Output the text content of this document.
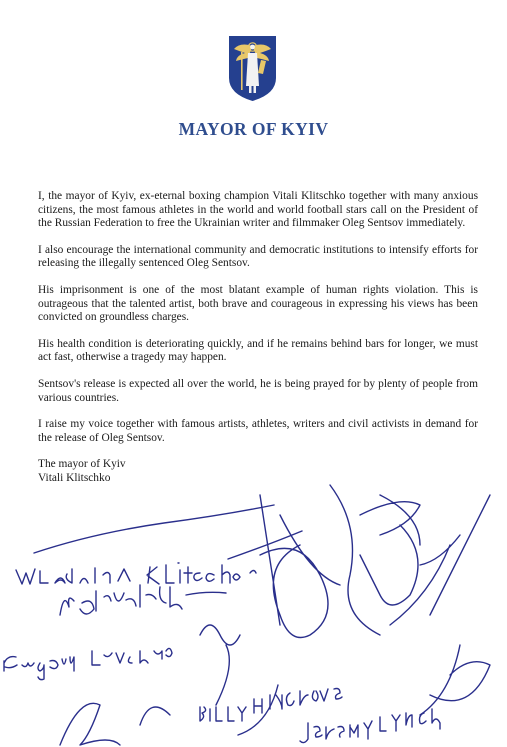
MAYOR OF KYIV

I, the mayor of Kyiv, ex-eternal boxing champion Vitali Klitschko together with many anxious citizens, the most famous athletes in the world and world football stars call on the President of the Russian Federation to free the Ukrainian writer and filmmaker Oleg Sentsov immediately.

I also encourage the international community and democratic institutions to intensify efforts for releasing the illegally sentenced Oleg Sentsov.

His imprisonment is one of the most blatant example of human rights violation. This is outrageous that the talented artist, both brave and courageous in expressing his views has been convicted on groundless charges.

His health condition is deteriorating quickly, and if he remains behind bars for longer, we must act fast, otherwise a tragedy may happen.

Sentsov's release is expected all over the world, he is being prayed for by plenty of people from various countries.

I raise my voice together with famous artists, athletes, writers and civil activists in demand for the release of Oleg Sentsov.

The mayor of Kyiv
Vitali Klitschko
